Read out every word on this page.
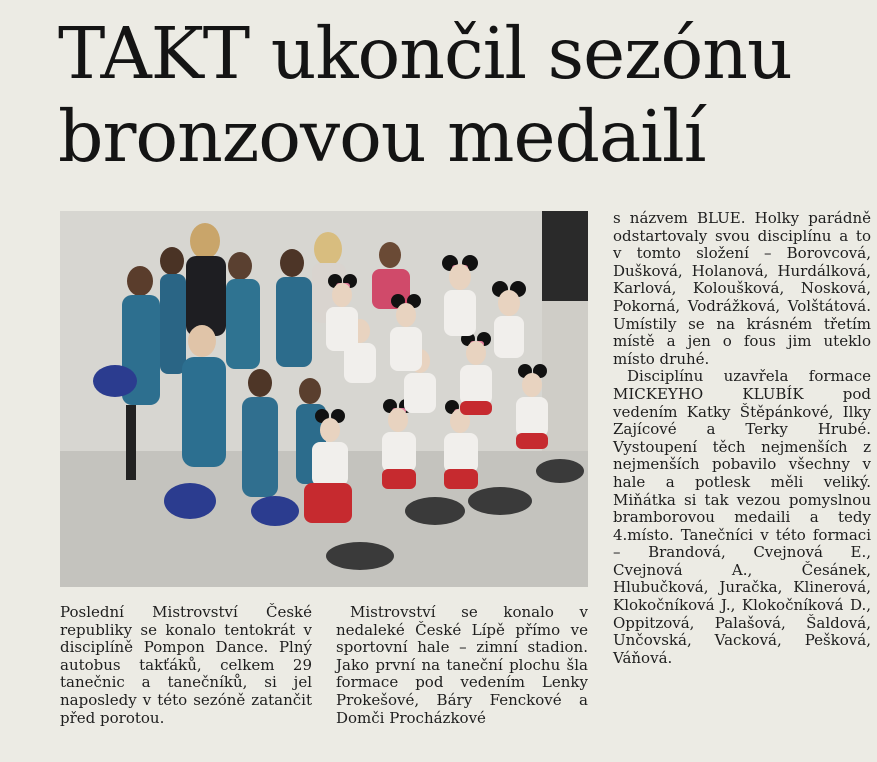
TAKT ukončil sezónu
bronzovou medailí

Poslední Mistrovství České republiky se konalo tentokrát v disciplíně Pompon Dance. Plný autobus takťáků, celkem 29 tanečnic a tanečníků, si jel naposledy v této sezóně zatančit před porotou.

Mistrovství se konalo v nedaleké České Lípě přímo ve sportovní hale – zimní stadion. Jako první na taneční plochu šla formace pod vedením Lenky Prokešové, Báry Fenckové a Domči Procházkové

s názvem BLUE. Holky parádně odstartovaly svou disciplínu a to v tomto složení – Borovcová, Dušková, Holanová, Hurdálková, Karlová, Koloušková, Nosková, Pokorná, Vodrážková, Volštátová. Umístily se na krásném třetím místě a jen o fous jim uteklo místo druhé.

Disciplínu uzavřela formace MICKEYHO KLUBÍK pod vedením Katky Štěpánkové, Ilky Zajícové a Terky Hrubé. Vystoupení těch nejmenších z nejmenších pobavilo všechny v hale a potlesk měli veliký. Miňátka si tak vezou pomyslnou bramborovou medaili a tedy 4.místo. Tanečníci v této formaci – Brandová, Cvejnová E., Cvejnová A., Česánek, Hlubučková, Juračka, Klinerová, Klokočníková J., Klokočníková D., Oppitzová, Palašová, Šaldová, Unčovská, Vacková, Pešková, Váňová.
